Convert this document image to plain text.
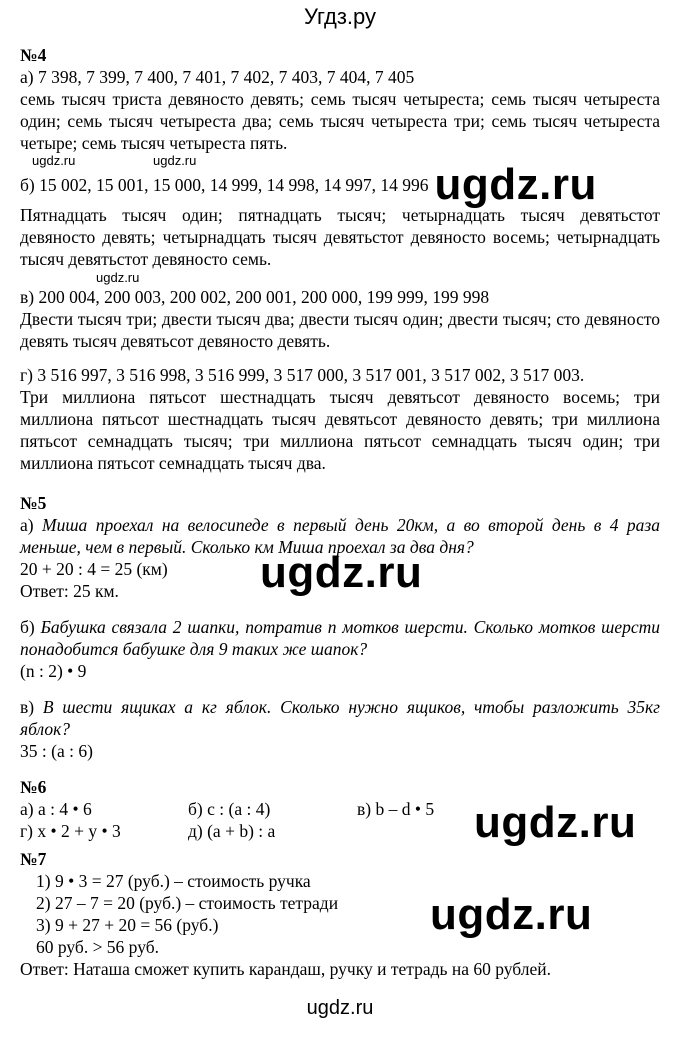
Угдз.ру
№4
а) 7 398, 7 399, 7 400, 7 401, 7 402, 7 403, 7 404, 7 405
семь тысяч триста девяносто девять; семь тысяч четыреста; семь тысяч четыреста один; семь тысяч четыреста два; семь тысяч четыреста три; семь тысяч четыреста четыре; семь тысяч четыреста пять.
ugdz.ru	ugdz.ru
б) 15 002, 15 001, 15 000, 14 999, 14 998, 14 997, 14 996 ugdz.ru
Пятнадцать тысяч один; пятнадцать тысяч; четырнадцать тысяч девятьстот девяносто девять; четырнадцать тысяч девятьстот девяносто восемь; четырнадцать тысяч девятьстот девяносто семь.
ugdz.ru
в) 200 004, 200 003, 200 002, 200 001, 200 000, 199 999, 199 998
Двести тысяч три; двести тысяч два; двести тысяч один; двести тысяч; сто девяносто девять тысяч девятьсот девяносто девять.
г) 3 516 997, 3 516 998, 3 516 999, 3 517 000, 3 517 001, 3 517 002, 3 517 003.
Три миллиона пятьсот шестнадцать тысяч девятьсот девяносто восемь; три миллиона пятьсот шестнадцать тысяч девятьсот девяносто девять; три миллиона пятьсот семнадцать тысяч; три миллиона пятьсот семнадцать тысяч один; три миллиона пятьсот семнадцать тысяч два.
№5
а) Миша проехал на велосипеде в первый день 20км, а во второй день в 4 раза меньше, чем в первый. Сколько км Миша проехал за два дня?
20 + 20 : 4 = 25 (км) ugdz.ru
Ответ: 25 км.
б) Бабушка связала 2 шапки, потратив n мотков шерсти. Сколько мотков шерсти понадобится бабушке для 9 таких же шапок?
(n : 2) • 9
в) В шести ящиках a кг яблок. Сколько нужно ящиков, чтобы разложить 35кг яблок?
35 : (a : 6)
№6
а) a : 4 • 6	б) c : (a : 4)	в) b – d • 5
г) x • 2 + y • 3	д) (a + b) : a	ugdz.ru
№7
1) 9 • 3 = 27 (руб.) – стоимость ручка
2) 27 – 7 = 20 (руб.) – стоимость тетради
3) 9 + 27 + 20 = 56 (руб.)
60 руб. > 56 руб.
ugdz.ru
Ответ: Наташа сможет купить карандаш, ручку и тетрадь на 60 рублей.
ugdz.ru
